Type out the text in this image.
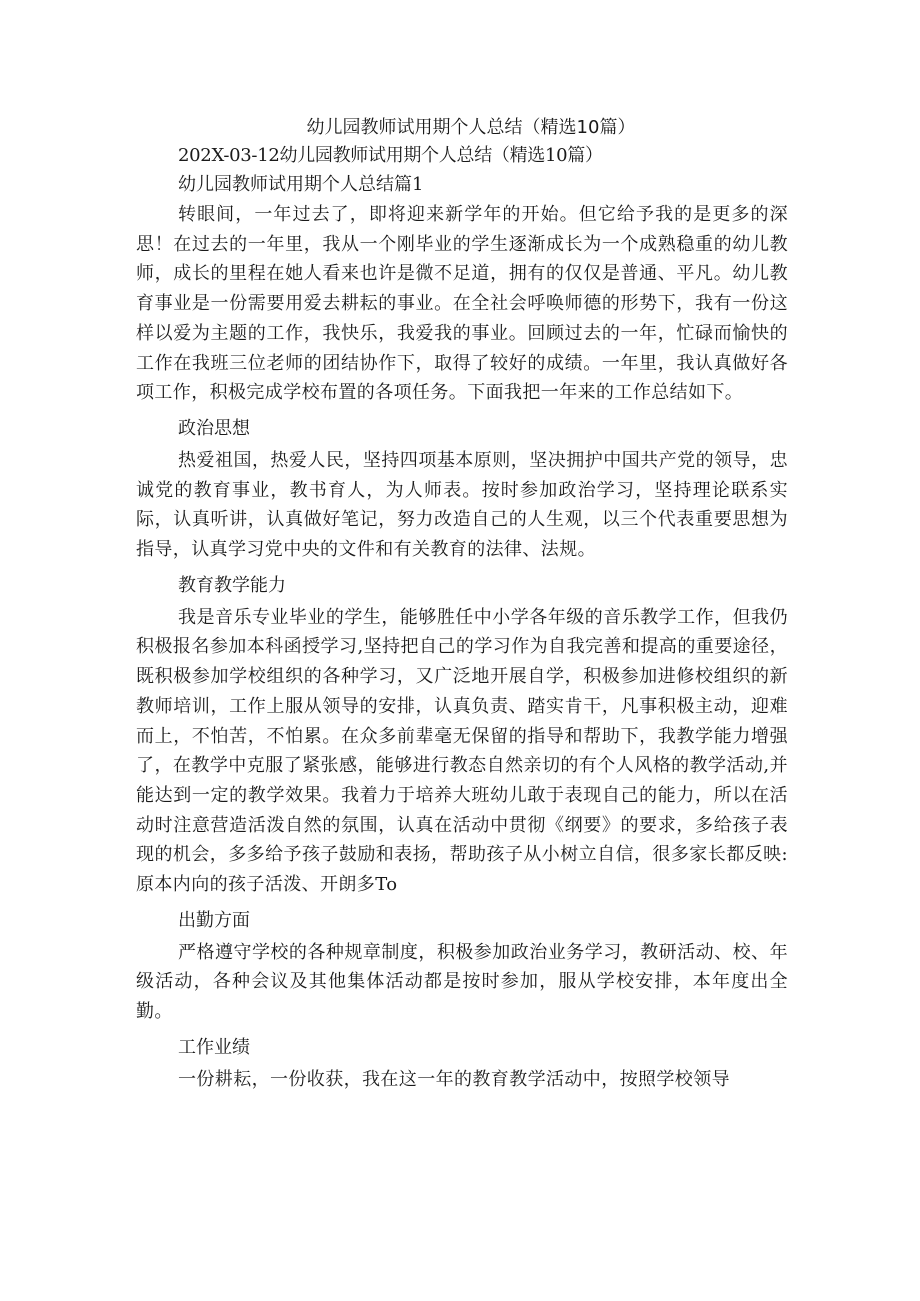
幼儿园教师试用期个人总结（精选10篇）

202X-03-12幼儿园教师试用期个人总结（精选10篇）

幼儿园教师试用期个人总结篇1

转眼间，一年过去了，即将迎来新学年的开始。但它给予我的是更多的深思！在过去的一年里，我从一个刚毕业的学生逐渐成长为一个成熟稳重的幼儿教师，成长的里程在她人看来也许是微不足道，拥有的仅仅是普通、平凡。幼儿教育事业是一份需要用爱去耕耘的事业。在全社会呼唤师德的形势下，我有一份这样以爱为主题的工作，我快乐，我爱我的事业。回顾过去的一年，忙碌而愉快的工作在我班三位老师的团结协作下，取得了较好的成绩。一年里，我认真做好各项工作，积极完成学校布置的各项任务。下面我把一年来的工作总结如下。

政治思想

热爱祖国，热爱人民，坚持四项基本原则，坚决拥护中国共产党的领导，忠诚党的教育事业，教书育人，为人师表。按时参加政治学习，坚持理论联系实际，认真听讲，认真做好笔记，努力改造自己的人生观，以三个代表重要思想为指导，认真学习党中央的文件和有关教育的法律、法规。

教育教学能力

我是音乐专业毕业的学生，能够胜任中小学各年级的音乐教学工作，但我仍积极报名参加本科函授学习,坚持把自己的学习作为自我完善和提高的重要途径，既积极参加学校组织的各种学习，又广泛地开展自学，积极参加进修校组织的新教师培训，工作上服从领导的安排，认真负责、踏实肯干，凡事积极主动，迎难而上，不怕苦，不怕累。在众多前辈毫无保留的指导和帮助下，我教学能力增强了，在教学中克服了紧张感，能够进行教态自然亲切的有个人风格的教学活动,并能达到一定的教学效果。我着力于培养大班幼儿敢于表现自己的能力，所以在活动时注意营造活泼自然的氛围，认真在活动中贯彻《纲要》的要求，多给孩子表现的机会，多多给予孩子鼓励和表扬，帮助孩子从小树立自信，很多家长都反映:原本内向的孩子活泼、开朗多To

出勤方面

严格遵守学校的各种规章制度，积极参加政治业务学习，教研活动、校、年级活动，各种会议及其他集体活动都是按时参加，服从学校安排，本年度出全勤。

工作业绩

一份耕耘，一份收获，我在这一年的教育教学活动中，按照学校领导
